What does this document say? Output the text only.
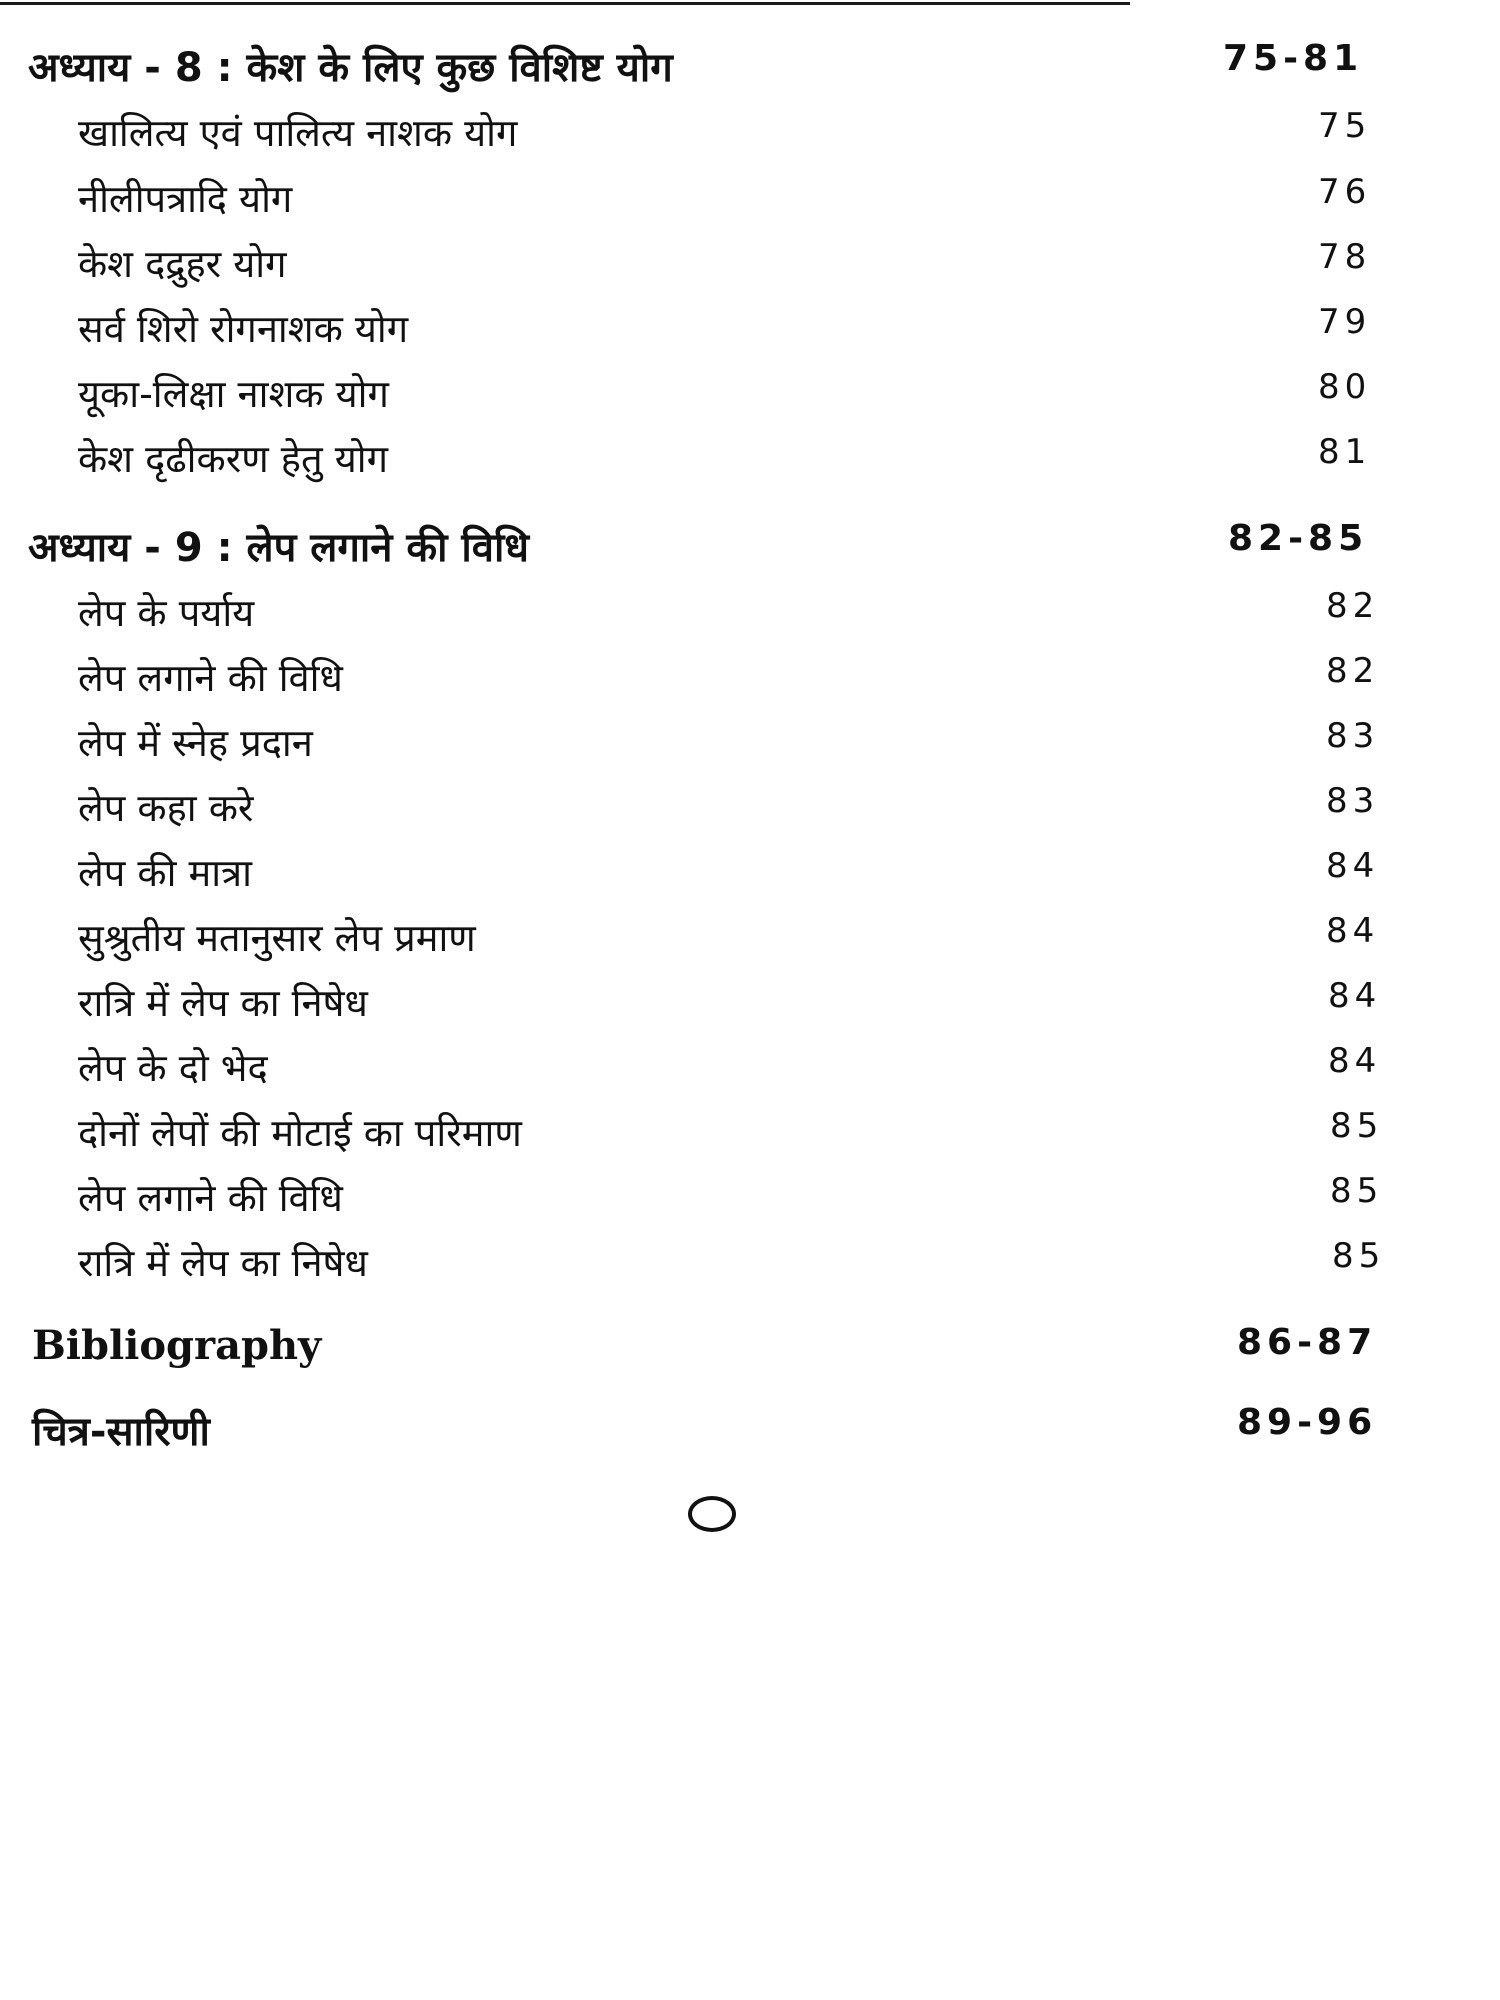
अध्याय - 8 : केश के लिए कुछ विशिष्ट योग	75-81
खालित्य एवं पालित्य नाशक योग	75
नीलीपत्रादि योग	76
केश दद्रुहर योग	78
सर्व शिरो रोगनाशक योग	79
यूका-लिक्षा नाशक योग	80
केश दृढीकरण हेतु योग	81
अध्याय - 9 : लेप लगाने की विधि	82-85
लेप के पर्याय	82
लेप लगाने की विधि	82
लेप में स्नेह प्रदान	83
लेप कहा करे	83
लेप की मात्रा	84
सुश्रुतीय मतानुसार लेप प्रमाण	84
रात्रि में लेप का निषेध	84
लेप के दो भेद	84
दोनों लेपों की मोटाई का परिमाण	85
लेप लगाने की विधि	85
रात्रि में लेप का निषेध	85
Bibliography	86-87
चित्र-सारिणी	89-96
